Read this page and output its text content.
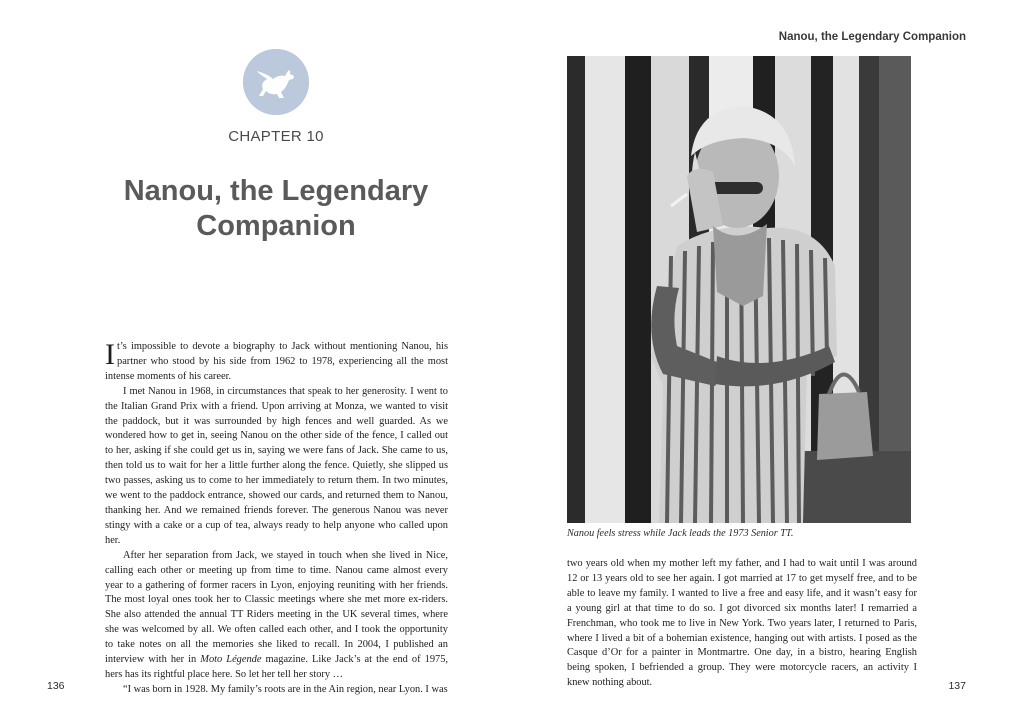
CHAPTER 10
Nanou, the Legendary
Companion

It’s impossible to devote a biography to Jack without mentioning Nanou, his partner who stood by his side from 1962 to 1978, experiencing all the most intense moments of his career.

I met Nanou in 1968, in circumstances that speak to her generosity. I went to the Italian Grand Prix with a friend. Upon arriving at Monza, we wanted to visit the paddock, but it was surrounded by high fences and well guarded. As we wondered how to get in, seeing Nanou on the other side of the fence, I called out to her, asking if she could get us in, saying we were fans of Jack. She came to us, then told us to wait for her a little further along the fence. Quietly, she slipped us two passes, asking us to come to her immediately to return them. In two minutes, we went to the paddock entrance, showed our cards, and returned them to Nanou, thanking her. And we remained friends forever. The generous Nanou was never stingy with a cake or a cup of tea, always ready to help anyone who called upon her.

After her separation from Jack, we stayed in touch when she lived in Nice, calling each other or meeting up from time to time. Nanou came almost every year to a gathering of former racers in Lyon, enjoying reuniting with her friends. The most loyal ones took her to Classic meetings where she met more ex-riders. She also attended the annual TT Riders meeting in the UK several times, where she was welcomed by all. We often called each other, and I took the opportunity to take notes on all the memories she liked to recall. In 2004, I published an interview with her in Moto Légende magazine. Like Jack’s at the end of 1975, hers has its rightful place here. So let her tell her story …

“I was born in 1928. My family’s roots are in the Ain region, near Lyon. I was

136
Nanou, the Legendary Companion
Nanou feels stress while Jack leads the 1973 Senior TT.

two years old when my mother left my father, and I had to wait until I was around 12 or 13 years old to see her again. I got married at 17 to get myself free, and to be able to leave my family. I wanted to live a free and easy life, and it wasn’t easy for a young girl at that time to do so. I got divorced six months later! I remarried a Frenchman, who took me to live in New York. Two years later, I returned to Paris, where I lived a bit of a bohemian existence, hanging out with artists. I posed as the Casque d’Or for a painter in Montmartre. One day, in a bistro, hearing English being spoken, I befriended a group. They were motorcycle racers, an activity I knew nothing about.	137
